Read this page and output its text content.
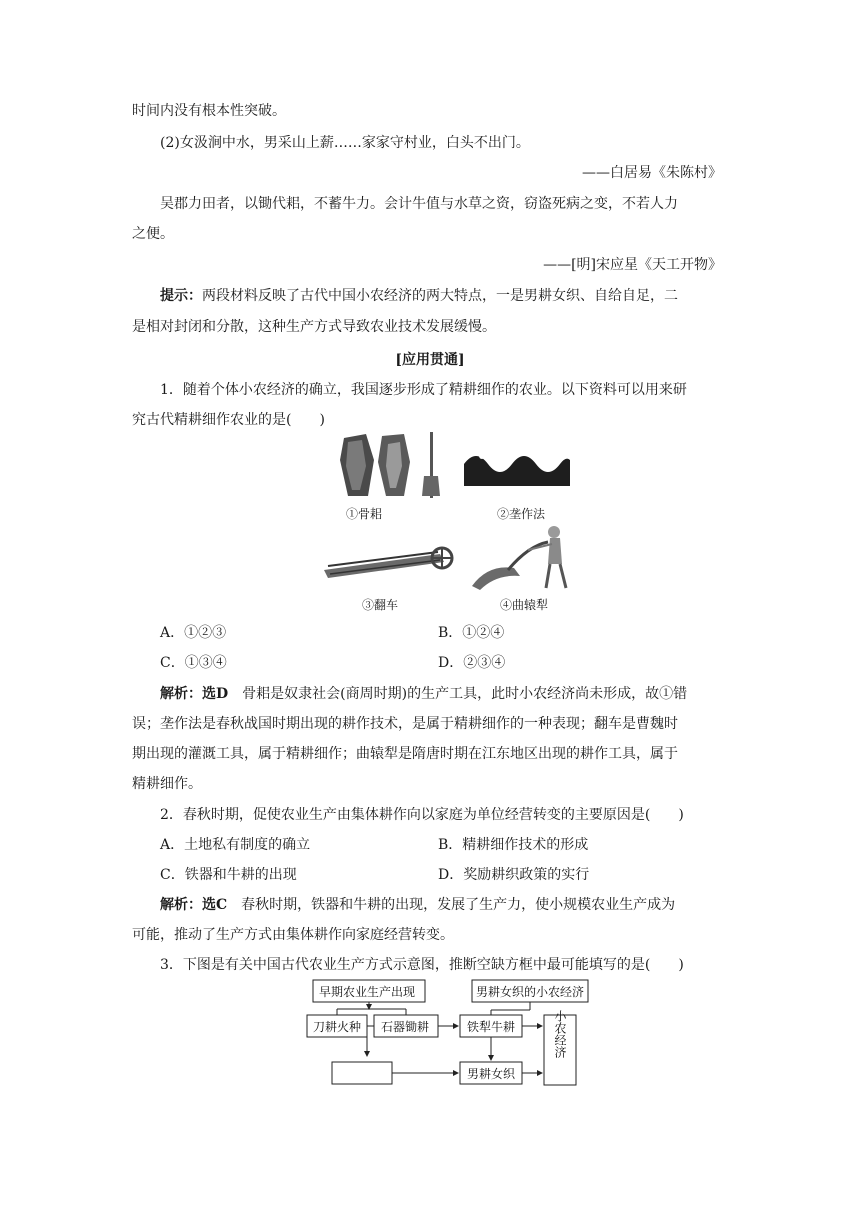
时间内没有根本性突破。
(2)女汲涧中水，男采山上薪……家家守村业，白头不出门。
——白居易《朱陈村》
吴郡力田者，以锄代耜，不蓄牛力。会计牛值与水草之资，窃盗死病之变，不若人力
之便。
——[明]宋应星《天工开物》
提示：两段材料反映了古代中国小农经济的两大特点，一是男耕女织、自给自足，二
是相对封闭和分散，这种生产方式导致农业技术发展缓慢。
[应用贯通]
1．随着个体小农经济的确立，我国逐步形成了精耕细作的农业。以下资料可以用来研
究古代精耕细作农业的是(　　)
①骨耜	②垄作法
③翻车	④曲辕犁
A．①②③	B．①②④
C．①③④	D．②③④
解析：选D　骨耜是奴隶社会(商周时期)的生产工具，此时小农经济尚未形成，故①错
误；垄作法是春秋战国时期出现的耕作技术，是属于精耕细作的一种表现；翻车是曹魏时
期出现的灌溉工具，属于精耕细作；曲辕犁是隋唐时期在江东地区出现的耕作工具，属于
精耕细作。
2．春秋时期，促使农业生产由集体耕作向以家庭为单位经营转变的主要原因是(　　)
A．土地私有制度的确立	B．精耕细作技术的形成
C．铁器和牛耕的出现	D．奖励耕织政策的实行
解析：选C　春秋时期，铁器和牛耕的出现，发展了生产力，使小规模农业生产成为
可能，推动了生产方式由集体耕作向家庭经营转变。
3．下图是有关中国古代农业生产方式示意图，推断空缺方框中最可能填写的是(　　)
早期农业生产出现	男耕女织的小农经济
刀耕火种 石器锄耕	铁犁牛耕
男耕女织
小农经济
